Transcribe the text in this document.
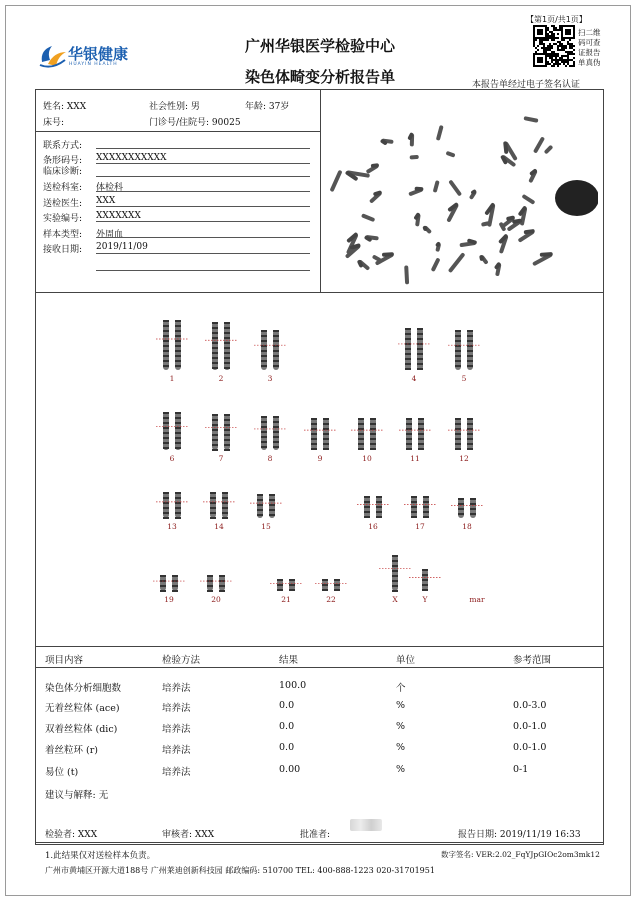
华银健康
HUAYIN HEALTH
广州华银医学检验中心
染色体畸变分析报告单
【第1页/共1页】
扫二维码可查证报告单真伪
本报告单经过电子签名认证
姓名: XXX	社会性别: 男	年龄: 37岁
床号:	门诊号/住院号: 90025
联系方式:
条形码号: XXXXXXXXXXX
临床诊断:
送检科室: 体检科
送检医生: XXX
实验编号: XXXXXXX
样本类型: 外周血
接收日期: 2019/11/09
1	2	3	4	5
6	7	8	9	10	11	12
13	14	15	16	17	18
19	20	21	22	X	Y	mar
项目内容	检验方法	结果	单位	参考范围
染色体分析细胞数	培养法	100.0	个
无着丝粒体 (ace)	培养法	0.0	%	0.0-3.0
双着丝粒体 (dic)	培养法	0.0	%	0.0-1.0
着丝粒环 (r)	培养法	0.0	%	0.0-1.0
易位 (t)	培养法	0.00	%	0-1
建议与解释: 无
检验者: XXX	审核者: XXX	批准者:	报告日期: 2019/11/19 16:33
1.此结果仅对送检样本负责。	数字签名: VER:2.02_FqYJpGIOc2om3mk12
广州市黄埔区开源大道188号 广州莱迪创新科技园 邮政编码: 510700 TEL: 400-888-1223 020-31701951
